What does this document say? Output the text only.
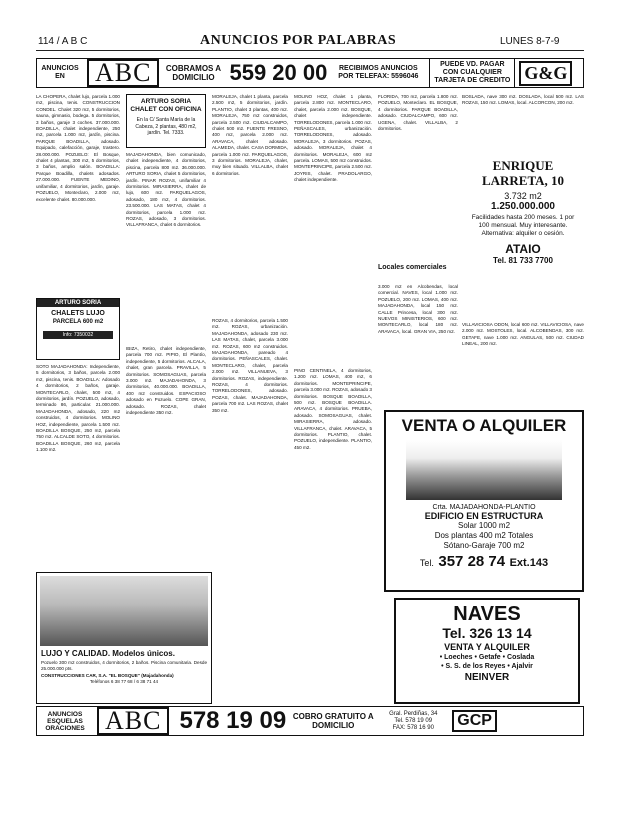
114 / A B C	ANUNCIOS POR PALABRAS	LUNES 8-7-9
ANUNCIOS EN	ABC	COBRAMOS A DOMICILIO 559 20 00	RECIBIMOS ANUNCIOS POR TELEFAX: 5596046
PUEDE VD. PAGAR CON CUALQUIER TARJETA DE CREDITO G&G
LA CHOPERA, chalet lujo, parcela 1.000 m2, piscina, tenis. CONSTRUCCION CONDEL. Chalet 320 m2, 5 dormitorios, sauna, gimnasio, bodega. 5 dormitorios, 3 baños, garaje 3 coches. 37.000.000. BOADILLA, chalet independiente, 250 m2, parcela 1.000 m2, jardín, piscina. PARQUE BOADILLA, adosado. Equipado, calefacción, garaje, trastero. 28.000.000. POZUELO: El Bosque, chalet 4 plantas, 300 m2, 5 dormitorios, 3 baños, amplio salón. BOADILLA: Parque Boadilla, chalets adosados. 27.000.000. FUENTE MEDINO, unifamiliar, 4 dormitorios, jardín, garaje. POZUELO, Monteclaro, 2.000 m2, excelente chalet. 80.000.000.
ARTURO SORIA
CHALETS LUJO
PARCELA 600 m2
Info: 7350032
SOTO MAJADAHONDA: Independiente, 5 dormitorios, 3 baños, parcela 2.000 m2, piscina, tenis. BOADILLA: Adosado 4 dormitorios, 2 baños, garaje. MONTECARLO, chalet, 500 m2, 4 dormitorios, jardín. POZUELO, adosado, terminado 86, particular. 21.000.000. MAJADAHONDA, adosado, 220 m2 construidos, 4 dormitorios. MOLINO HOZ, independiente, parcela 1.500 m2. BOADILLA BOSQUE, 250 m2, parcela 750 m2. ALCALDE SOTO, 4 dormitorios. BOADILLA BOSQUE, 260 m2, parcela 1.100 m2.
ARTURO SORIA CHALET CON OFICINA
En la C/ Santa María de la Cabeza, 2 plantas, 480 m2, jardín. Tel. 7333.
MAJADAHONDA, bien comunicado, chalet independiente, 4 dormitorios, piscina, parcela 800 m2. 36.000.000. ARTURO SORIA, chalet 5 dormitorios, jardín. PINAR ROZAS, unifamiliar 4 dormitorios. MIRASIERRA, chalet de lujo, 600 m2. PARQUELAGOS, adosado, 180 m2, 4 dormitorios. 23.500.000. LAS MATAS, chalet 4 dormitorios, parcela 1.000 m2. ROZAS, adosado, 3 dormitorios. VILLAFRANCA, chalet 6 dormitorios.
IBIZA, Retiro, chalet independiente, parcela 700 m2. PIPIO, El Plantío, independiente, 5 dormitorios. ALCALA, chalet, gran parcela. PRAVILLA, 5 dormitorios. SOMOSAGUAS, parcela 3.000 m2. MAJADAHONDA, 3 dormitorios, 40.000.000. BOADILLA, 400 m2 construidos. ESPACIOSO adosado en Pozuelo. COPE GRAN, adosado. ROZAS, chalet independiente 350 m2.
MORALEJA, chalet 1 planta, parcela 2.500 m2, 5 dormitorios, jardín. PLANTIO, chalet 3 plantas, 400 m2. MORALEJA, 750 m2 construidos, parcela 2.500 m2. CIUDALCAMPO, chalet 500 m2. FUENTE FRESNO, 400 m2, parcela 2.000 m2. ARAVACA, chalet adosado. ALAMEDA, chalet. CASA DORMIDA, parcela 1.000 m2. PARQUELAGOS, 3 dormitorios. MORALEJA, chalet, muy bien situado. VILLALBA, chalet 6 dormitorios.
ROZAS, 4 dormitorios, parcela 1.500 m2. ROZAS, urbanización. MAJADAHONDA, adosado 230 m2. LAS MATAS, chalet, parcela 3.000 m2. ROZAS, 600 m2 construidos. MAJADAHONDA, pareado 4 dormitorios. PEÑASCALES, chalet. MONTECLARO, chalet, parcela 2.000 m2. VILLANUEVA, 3 dormitorios. ROZAS, independiente. ROZAS, 4 dormitorios. TORRELODONES, adosado. POZAS, chalet. MAJADAHONDA, parcela 700 m2. LAS ROZAS, chalet 350 m2.
LUJO Y CALIDAD. Modelos únicos.
Pozuelo 300 m2 construidos, 4 dormitorios, 2 baños. Piscina comunitaria. Desde 25.000.000 pts.
CONSTRUCCIONES CAR, S.A. "EL BOSQUE" (Majadahonda)
Teléfonos 6 38 77 68 / 6 38 71 44
MOLINO HOZ, chalet 1 planta, parcela 2.800 m2. MONTECLARO, chalet, parcela 2.000 m2. BOSQUE, chalet independiente. TORRELODONES, parcela 1.000 m2. PEÑASCALES, urbanización. TORRELODONES, adosado. MORALEJA, 3 dormitorios. POZAS, adosado. MORALEJA, chalet 4 dormitorios. MORALEJA, 600 m2 parcela. LOMAS, 500 m2 construidos. MONTEPRINCIPE, parcela 2.500 m2. JOYRIS, chalet. PRADOLARGO, chalet independiente.
PINO CENTINELA, 4 dormitorios, 1.200 m2. LOMAS, 400 m2, 6 dormitorios. MONTEPRINCIPE, parcela 3.000 m2. ROZAS, adosado 3 dormitorios. BOSQUE BOADILLA, 500 m2. BOSQUE BOADILLA. ARAVACA, 4 dormitorios. PRUEBA, adosado. SOMOSAGUAS, chalet. MIRASIERRA, adosado. VILLAFRANCA, chalet. ARAVACA, 5 dormitorios. PLANTIO, chalet. POZUELO, independiente. PLANTIO, 450 m2.
FLORIDA, 700 m2, parcela 1.800 m2. POZUELO, Monteclaro. EL BOSQUE, 4 dormitorios. PARQUE BOADILLA, adosado. CIUDALCAMPO, 600 m2. UGENA, chalet. VILLALBA, 2 dormitorios.
Locales comerciales
3.000 m2 en Alcobendas, local comercial. NAVES, local 1.000 m2. POZUELO, 200 m2. LOMAS, 400 m2. MAJADAHONDA, local 150 m2. CALLE Princesa, local 300 m2. NUEVOS MINISTERIOS, 600 m2. MONTECARLO, local 180 m2. ARAVACA, local. GRAN VIA, 250 m2.
BOSLADA, nave 300 m2. DOSLADA, local 500 m2. LAS ROZAS, 150 m2. LOMAS, local. ALCORCON, 200 m2.
ENRIQUE LARRETA, 10
3.732 m2
1.250.000.000
Facilidades hasta 200 meses. 1 por 100 mensual. Muy interesante. Alternativa: alquiler o cesión.
ATAIO
Tel. 81 733 7700
VILLAVICIOSA ODON, local 600 m2. VILLAVICIOSA, nave 2.000 m2. MOSTOLES, local. ALCOBENDAS, 300 m2. GETAFE, nave 1.000 m2. ANGULAS, 500 m2. CIUDAD LINEAL, 200 m2.
VENTA O ALQUILER
Crta. MAJADAHONDA-PLANTIO
EDIFICIO EN ESTRUCTURA
Solar 1000 m2
Dos plantas 400 m2 Totales
Sótano-Garaje 700 m2
Tel. 357 28 74 Ext.143
NAVES
Tel. 326 13 14
VENTA Y ALQUILER
• Loeches • Getafe • Coslada
• S. S. de los Reyes • Ajalvir
NEINVER
ANUNCIOS ESQUELAS ORACIONES ABC 578 19 09 COBRO GRATUITO A DOMICILIO
Gral. Perdiñas, 34
Tel. 578 19 09
FAX: 578 16 90	GCP
